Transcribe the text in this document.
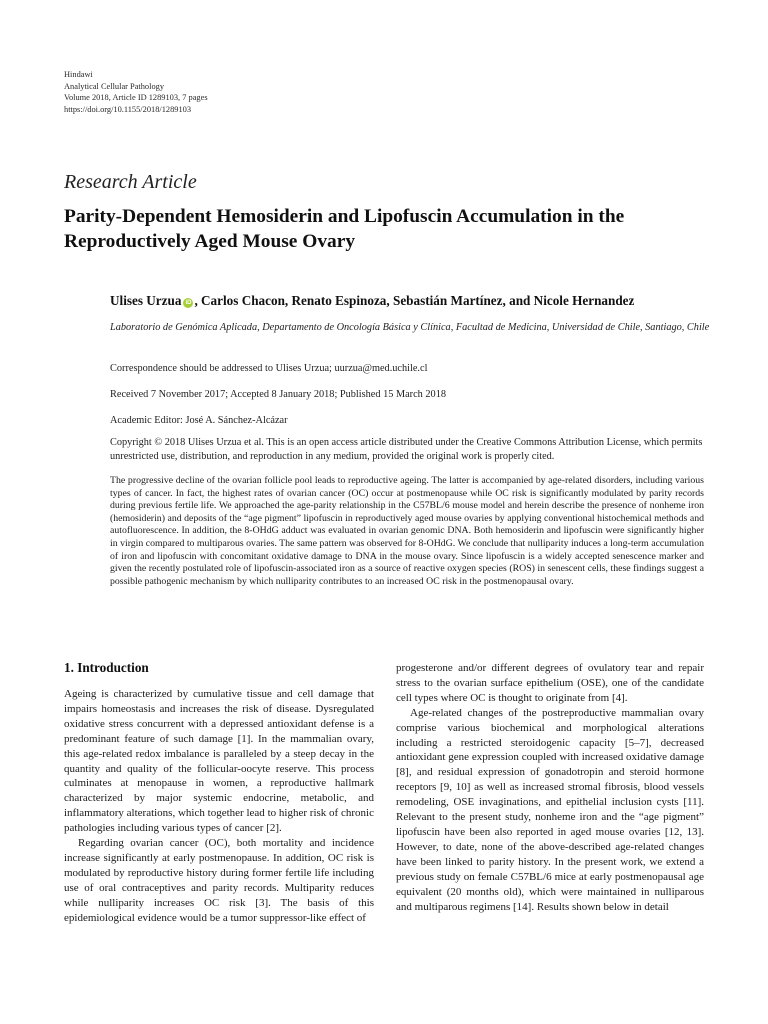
Hindawi
Analytical Cellular Pathology
Volume 2018, Article ID 1289103, 7 pages
https://doi.org/10.1155/2018/1289103
Research Article
Parity-Dependent Hemosiderin and Lipofuscin Accumulation in the Reproductively Aged Mouse Ovary
Ulises Urzua iD , Carlos Chacon, Renato Espinoza, Sebastián Martínez, and Nicole Hernandez
Laboratorio de Genómica Aplicada, Departamento de Oncología Básica y Clínica, Facultad de Medicina, Universidad de Chile, Santiago, Chile
Correspondence should be addressed to Ulises Urzua; uurzua@med.uchile.cl
Received 7 November 2017; Accepted 8 January 2018; Published 15 March 2018
Academic Editor: José A. Sánchez-Alcázar
Copyright © 2018 Ulises Urzua et al. This is an open access article distributed under the Creative Commons Attribution License, which permits unrestricted use, distribution, and reproduction in any medium, provided the original work is properly cited.
The progressive decline of the ovarian follicle pool leads to reproductive ageing. The latter is accompanied by age-related disorders, including various types of cancer. In fact, the highest rates of ovarian cancer (OC) occur at postmenopause while OC risk is significantly modulated by parity records during previous fertile life. We approached the age-parity relationship in the C57BL/6 mouse model and herein describe the presence of nonheme iron (hemosiderin) and deposits of the “age pigment” lipofuscin in reproductively aged mouse ovaries by applying conventional histochemical methods and autofluorescence. In addition, the 8-OHdG adduct was evaluated in ovarian genomic DNA. Both hemosiderin and lipofuscin were significantly higher in virgin compared to multiparous ovaries. The same pattern was observed for 8-OHdG. We conclude that nulliparity induces a long-term accumulation of iron and lipofuscin with concomitant oxidative damage to DNA in the mouse ovary. Since lipofuscin is a widely accepted senescence marker and given the recently postulated role of lipofuscin-associated iron as a source of reactive oxygen species (ROS) in senescent cells, these findings suggest a possible pathogenic mechanism by which nulliparity contributes to an increased OC risk in the postmenopausal ovary.
1. Introduction

Ageing is characterized by cumulative tissue and cell damage that impairs homeostasis and increases the risk of disease. Dysregulated oxidative stress concurrent with a depressed antioxidant defense is a predominant feature of such damage [1]. In the mammalian ovary, this age-related redox imbalance is paralleled by a steep decay in the quantity and quality of the follicular-oocyte reserve. This process culminates at menopause in women, a reproductive hallmark characterized by major systemic endocrine, metabolic, and inflammatory alterations, which together lead to higher risk of chronic pathologies including various types of cancer [2].

Regarding ovarian cancer (OC), both mortality and incidence increase significantly at early postmenopause. In addition, OC risk is modulated by reproductive history during former fertile life including use of oral contraceptives and parity records. Multiparity reduces while nulliparity increases OC risk [3]. The basis of this epidemiological evidence would be a tumor suppressor-like effect of

progesterone and/or different degrees of ovulatory tear and repair stress to the ovarian surface epithelium (OSE), one of the candidate cell types where OC is thought to originate from [4].

Age-related changes of the postreproductive mammalian ovary comprise various biochemical and morphological alterations including a restricted steroidogenic capacity [5–7], decreased antioxidant gene expression coupled with increased oxidative damage [8], and residual expression of gonadotropin and steroid hormone receptors [9, 10] as well as increased stromal fibrosis, blood vessels remodeling, OSE invaginations, and epithelial inclusion cysts [11]. Relevant to the present study, nonheme iron and the “age pigment” lipofuscin have been also reported in aged mouse ovaries [12, 13]. However, to date, none of the above-described age-related changes have been linked to parity history. In the present work, we extend a previous study on female C57BL/6 mice at early postmenopausal age equivalent (20 months old), which were maintained in nulliparous and multiparous regimens [14]. Results shown below in detail
